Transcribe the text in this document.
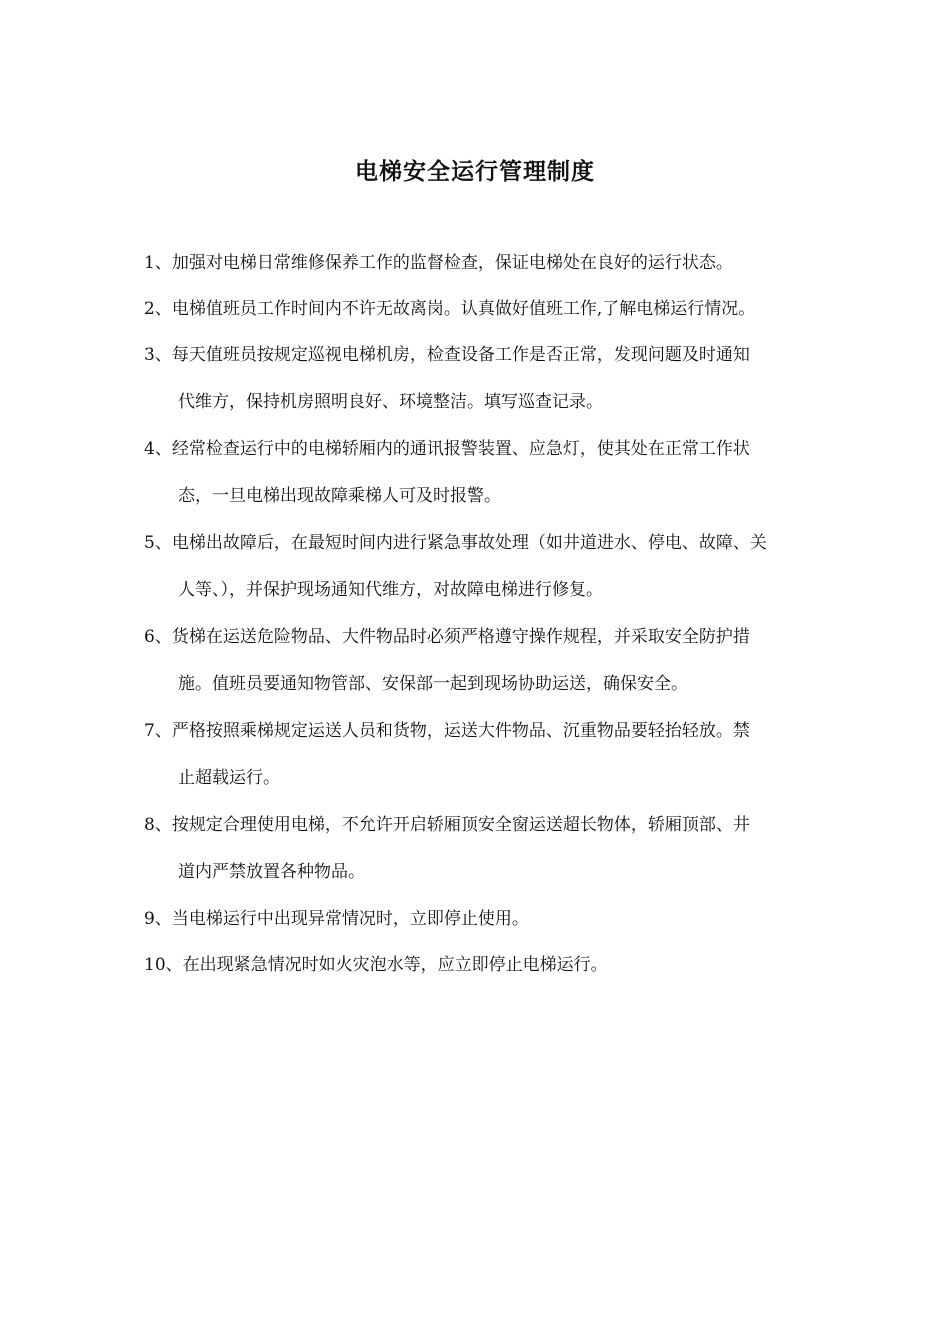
电梯安全运行管理制度
1、加强对电梯日常维修保养工作的监督检查，保证电梯处在良好的运行状态。
2、电梯值班员工作时间内不许无故离岗。认真做好值班工作,了解电梯运行情况。
3、每天值班员按规定巡视电梯机房，检查设备工作是否正常，发现问题及时通知
代维方，保持机房照明良好、环境整洁。填写巡查记录。
4、经常检查运行中的电梯轿厢内的通讯报警装置、应急灯，使其处在正常工作状
态，一旦电梯出现故障乘梯人可及时报警。
5、电梯出故障后，在最短时间内进行紧急事故处理（如井道进水、停电、故障、关
人等、），并保护现场通知代维方，对故障电梯进行修复。
6、货梯在运送危险物品、大件物品时必须严格遵守操作规程，并采取安全防护措
施。值班员要通知物管部、安保部一起到现场协助运送，确保安全。
7、严格按照乘梯规定运送人员和货物，运送大件物品、沉重物品要轻抬轻放。禁
止超载运行。
8、按规定合理使用电梯，不允许开启轿厢顶安全窗运送超长物体，轿厢顶部、井
道内严禁放置各种物品。
9、当电梯运行中出现异常情况时，立即停止使用。
10、在出现紧急情况时如火灾泡水等，应立即停止电梯运行。
